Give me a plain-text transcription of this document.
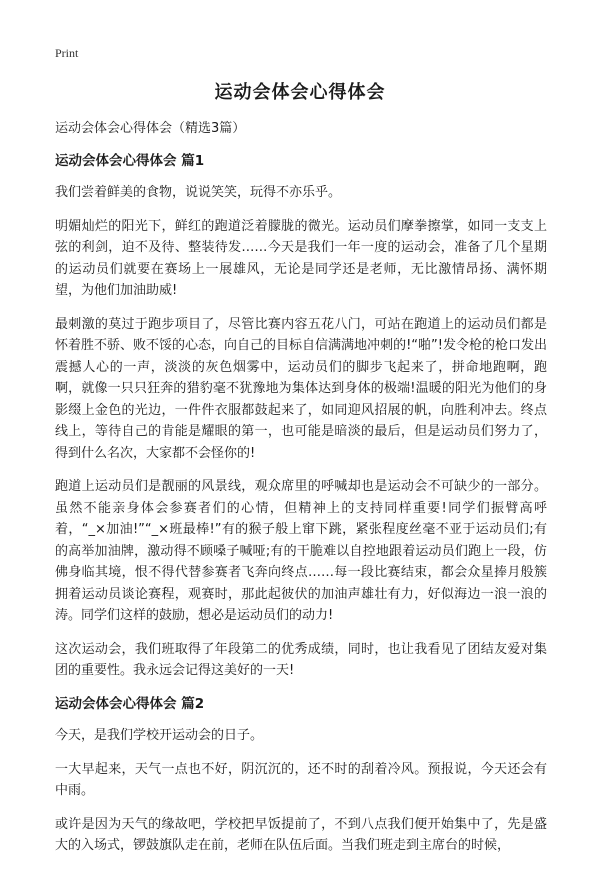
Print
运动会体会心得体会

运动会体会心得体会（精选3篇）

运动会体会心得体会 篇1

我们尝着鲜美的食物，说说笑笑，玩得不亦乐乎。

明媚灿烂的阳光下，鲜红的跑道泛着朦胧的微光。运动员们摩拳擦掌，如同一支支上弦的利剑，迫不及待、整装待发……今天是我们一年一度的运动会，准备了几个星期的运动员们就要在赛场上一展雄风，无论是同学还是老师，无比激情昂扬、满怀期望，为他们加油助威!

最刺激的莫过于跑步项目了，尽管比赛内容五花八门，可站在跑道上的运动员们都是怀着胜不骄、败不馁的心态，向自己的目标自信满满地冲刺的!“啪”!发令枪的枪口发出震撼人心的一声，淡淡的灰色烟雾中，运动员们的脚步飞起来了，拼命地跑啊，跑啊，就像一只只狂奔的猎豹毫不犹豫地为集体达到身体的极端!温暖的阳光为他们的身影缀上金色的光边，一件件衣服都鼓起来了，如同迎风招展的帆，向胜利冲去。终点线上，等待自己的肯能是耀眼的第一，也可能是暗淡的最后，但是运动员们努力了，得到什么名次，大家都不会怪你的!

跑道上运动员们是靓丽的风景线，观众席里的呼喊却也是运动会不可缺少的一部分。虽然不能亲身体会参赛者们的心情，但精神上的支持同样重要!同学们振臂高呼着，“_×加油!”“_×班最棒!”有的猴子般上窜下跳，紧张程度丝毫不亚于运动员们;有的高举加油牌，激动得不顾嗓子喊哑;有的干脆难以自控地跟着运动员们跑上一段，仿佛身临其境，恨不得代替参赛者飞奔向终点……每一段比赛结束，都会众星捧月般簇拥着运动员谈论赛程，观赛时，那此起彼伏的加油声雄壮有力，好似海边一浪一浪的涛。同学们这样的鼓励，想必是运动员们的动力!

这次运动会，我们班取得了年段第二的优秀成绩，同时，也让我看见了团结友爱对集团的重要性。我永远会记得这美好的一天!

运动会体会心得体会 篇2

今天，是我们学校开运动会的日子。

一大早起来，天气一点也不好，阴沉沉的，还不时的刮着冷风。预报说，今天还会有中雨。

或许是因为天气的缘故吧，学校把早饭提前了，不到八点我们便开始集中了，先是盛大的入场式，锣鼓旗队走在前，老师在队伍后面。当我们班走到主席台的时候，
